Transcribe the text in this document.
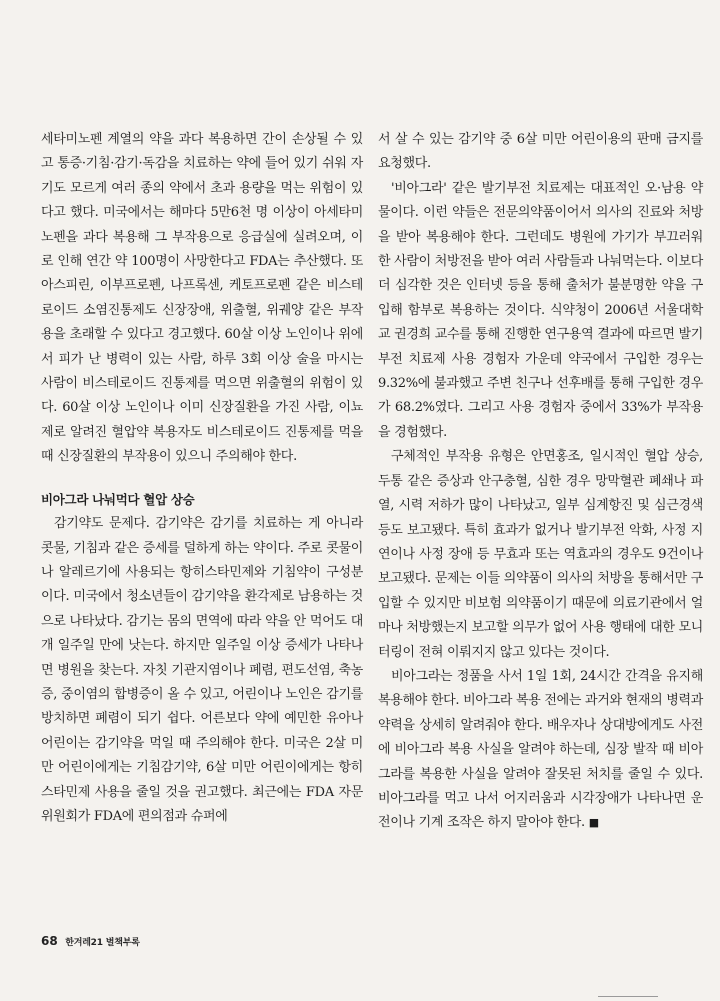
세타미노펜 계열의 약을 과다 복용하면 간이 손상될 수 있고 통증·기침·감기·독감을 치료하는 약에 들어 있기 쉬워 자기도 모르게 여러 종의 약에서 초과 용량을 먹는 위험이 있다고 했다. 미국에서는 해마다 5만6천 명 이상이 아세타미노펜을 과다 복용해 그 부작용으로 응급실에 실려오며, 이로 인해 연간 약 100명이 사망한다고 FDA는 추산했다. 또 아스피린, 이부프로펜, 나프록센, 케토프로펜 같은 비스테로이드 소염진통제도 신장장애, 위출혈, 위궤양 같은 부작용을 초래할 수 있다고 경고했다. 60살 이상 노인이나 위에서 피가 난 병력이 있는 사람, 하루 3회 이상 술을 마시는 사람이 비스테로이드 진통제를 먹으면 위출혈의 위험이 있다. 60살 이상 노인이나 이미 신장질환을 가진 사람, 이뇨제로 알려진 혈압약 복용자도 비스테로이드 진통제를 먹을 때 신장질환의 부작용이 있으니 주의해야 한다.

비아그라 나눠먹다 혈압 상승

감기약도 문제다. 감기약은 감기를 치료하는 게 아니라 콧물, 기침과 같은 증세를 덜하게 하는 약이다. 주로 콧물이나 알레르기에 사용되는 항히스타민제와 기침약이 구성분이다. 미국에서 청소년들이 감기약을 환각제로 남용하는 것으로 나타났다. 감기는 몸의 면역에 따라 약을 안 먹어도 대개 일주일 만에 낫는다. 하지만 일주일 이상 증세가 나타나면 병원을 찾는다. 자칫 기관지염이나 폐렴, 편도선염, 축농증, 중이염의 합병증이 올 수 있고, 어린이나 노인은 감기를 방치하면 폐렴이 되기 쉽다. 어른보다 약에 예민한 유아나 어린이는 감기약을 먹일 때 주의해야 한다. 미국은 2살 미만 어린이에게는 기침감기약, 6살 미만 어린이에게는 항히스타민제 사용을 줄일 것을 권고했다. 최근에는 FDA 자문위원회가 FDA에 편의점과 슈퍼에

서 살 수 있는 감기약 중 6살 미만 어린이용의 판매 금지를 요청했다.

'비아그라' 같은 발기부전 치료제는 대표적인 오·남용 약물이다. 이런 약들은 전문의약품이어서 의사의 진료와 처방을 받아 복용해야 한다. 그런데도 병원에 가기가 부끄러워 한 사람이 처방전을 받아 여러 사람들과 나눠먹는다. 이보다 더 심각한 것은 인터넷 등을 통해 출처가 불분명한 약을 구입해 함부로 복용하는 것이다. 식약청이 2006년 서울대학교 권경희 교수를 통해 진행한 연구용역 결과에 따르면 발기부전 치료제 사용 경험자 가운데 약국에서 구입한 경우는 9.32%에 불과했고 주변 친구나 선후배를 통해 구입한 경우가 68.2%였다. 그리고 사용 경험자 중에서 33%가 부작용을 경험했다.

구체적인 부작용 유형은 안면홍조, 일시적인 혈압 상승, 두통 같은 증상과 안구충혈, 심한 경우 망막혈관 폐쇄나 파열, 시력 저하가 많이 나타났고, 일부 심계항진 및 심근경색 등도 보고됐다. 특히 효과가 없거나 발기부전 악화, 사정 지연이나 사정 장애 등 무효과 또는 역효과의 경우도 9건이나 보고됐다. 문제는 이들 의약품이 의사의 처방을 통해서만 구입할 수 있지만 비보험 의약품이기 때문에 의료기관에서 얼마나 처방했는지 보고할 의무가 없어 사용 행태에 대한 모니터링이 전혀 이뤄지지 않고 있다는 것이다.

비아그라는 정품을 사서 1일 1회, 24시간 간격을 유지해 복용해야 한다. 비아그라 복용 전에는 과거와 현재의 병력과 약력을 상세히 알려줘야 한다. 배우자나 상대방에게도 사전에 비아그라 복용 사실을 알려야 하는데, 심장 발작 때 비아그라를 복용한 사실을 알려야 잘못된 처치를 줄일 수 있다. 비아그라를 먹고 나서 어지러움과 시각장애가 나타나면 운전이나 기계 조작은 하지 말아야 한다. ■

68 한겨레21 별책부록
